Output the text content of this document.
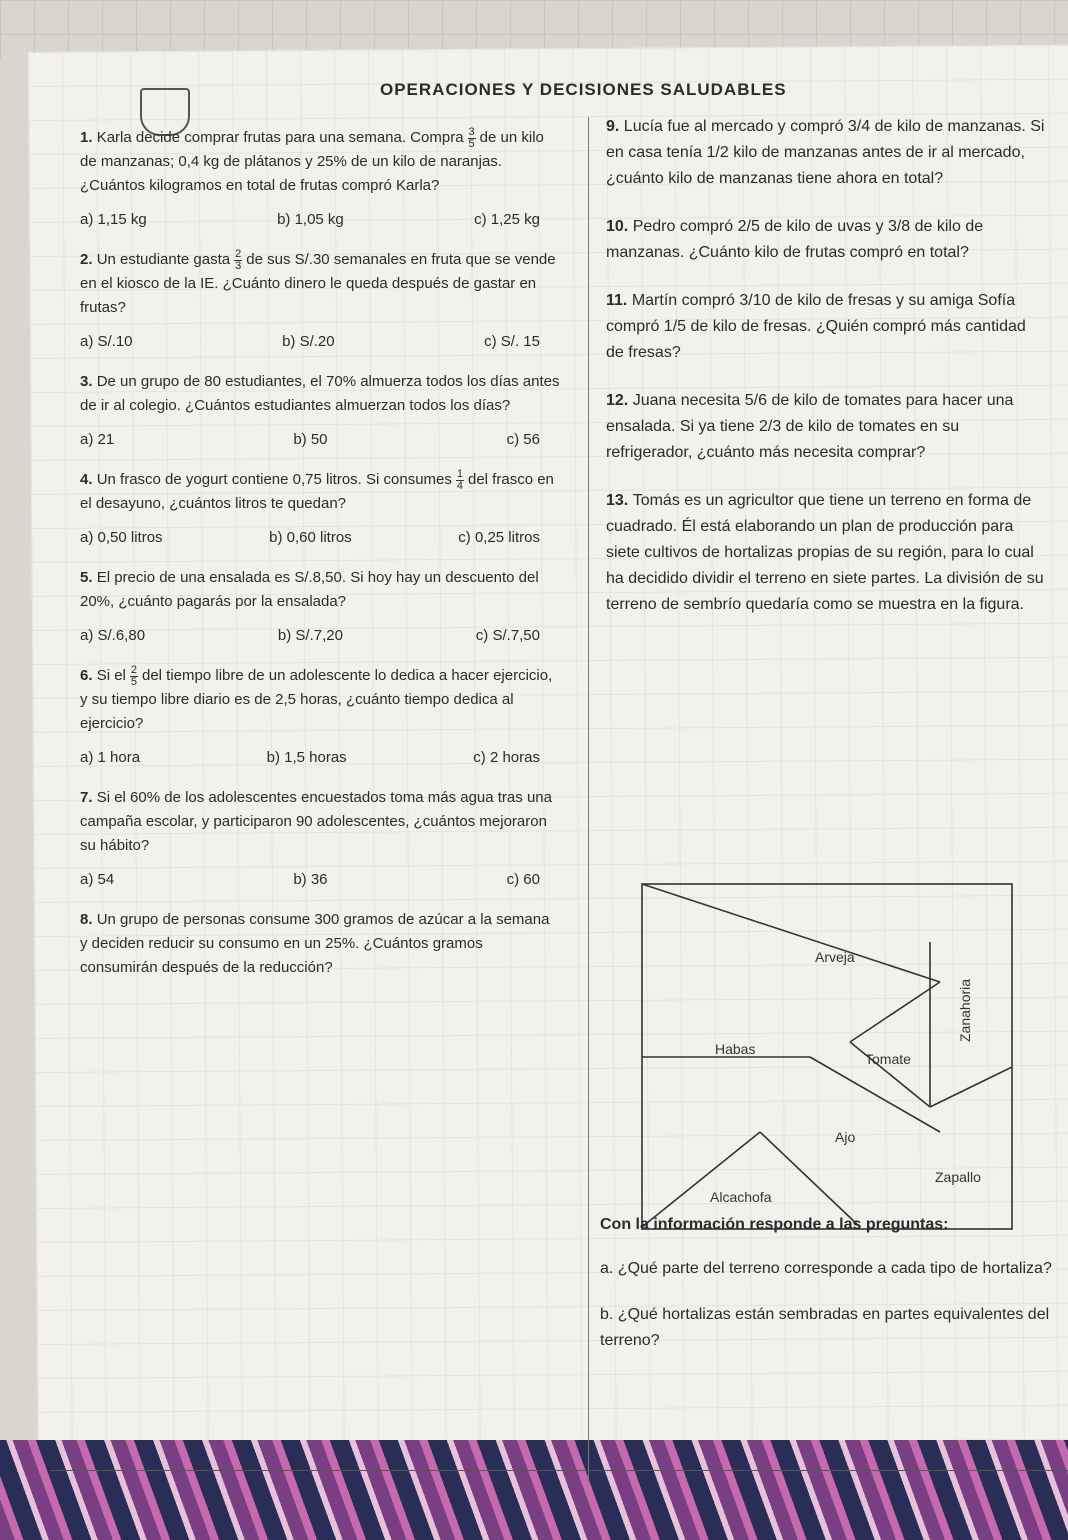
OPERACIONES Y DECISIONES SALUDABLES

1. Karla decide comprar frutas para una semana. Compra $\frac{3}{5}$ de un kilo de manzanas; 0,4 kg de plátanos y 25% de un kilo de naranjas. ¿Cuántos kilogramos en total de frutas compró Karla?

a) 1,15 kg	b) 1,05 kg	c) 1,25 kg

2. Un estudiante gasta $\frac{2}{3}$ de sus S/.30 semanales en fruta que se vende en el kiosco de la IE. ¿Cuánto dinero le queda después de gastar en frutas?

a) S/.10	b) S/.20	c) S/. 15

3. De un grupo de 80 estudiantes, el 70% almuerza todos los días antes de ir al colegio. ¿Cuántos estudiantes almuerzan todos los días?

a) 21	b) 50	c) 56

4. Un frasco de yogurt contiene 0,75 litros. Si consumes $\frac{1}{4}$ del frasco en el desayuno, ¿cuántos litros te quedan?

a) 0,50 litros	b) 0,60 litros	c) 0,25 litros

5. El precio de una ensalada es S/.8,50. Si hoy hay un descuento del 20%, ¿cuánto pagarás por la ensalada?

a) S/.6,80	b) S/.7,20	c) S/.7,50

6. Si el $\frac{2}{5}$ del tiempo libre de un adolescente lo dedica a hacer ejercicio, y su tiempo libre diario es de 2,5 horas, ¿cuánto tiempo dedica al ejercicio?

a) 1 hora	b) 1,5 horas	c) 2 horas

7. Si el 60% de los adolescentes encuestados toma más agua tras una campaña escolar, y participaron 90 adolescentes, ¿cuántos mejoraron su hábito?

a) 54	b) 36	c) 60

8. Un grupo de personas consume 300 gramos de azúcar a la semana y deciden reducir su consumo en un 25%. ¿Cuántos gramos consumirán después de la reducción?

9. Lucía fue al mercado y compró 3/4 de kilo de manzanas. Si en casa tenía 1/2 kilo de manzanas antes de ir al mercado, ¿cuánto kilo de manzanas tiene ahora en total?

10. Pedro compró 2/5 de kilo de uvas y 3/8 de kilo de manzanas. ¿Cuánto kilo de frutas compró en total?

11. Martín compró 3/10 de kilo de fresas y su amiga Sofía compró 1/5 de kilo de fresas. ¿Quién compró más cantidad de fresas?

12. Juana necesita 5/6 de kilo de tomates para hacer una ensalada. Si ya tiene 2/3 de kilo de tomates en su refrigerador, ¿cuánto más necesita comprar?

13. Tomás es un agricultor que tiene un terreno en forma de cuadrado. Él está elaborando un plan de producción para siete cultivos de hortalizas propias de su región, para lo cual ha decidido dividir el terreno en siete partes. La división de su terreno de sembrío quedaría como se muestra en la figura.

Arveja
Zanahoria
Habas
Tomate
Ajo
Zapallo
Alcachofa

Con la información responde a las preguntas:

a. ¿Qué parte del terreno corresponde a cada tipo de hortaliza?

b. ¿Qué hortalizas están sembradas en partes equivalentes del terreno?
